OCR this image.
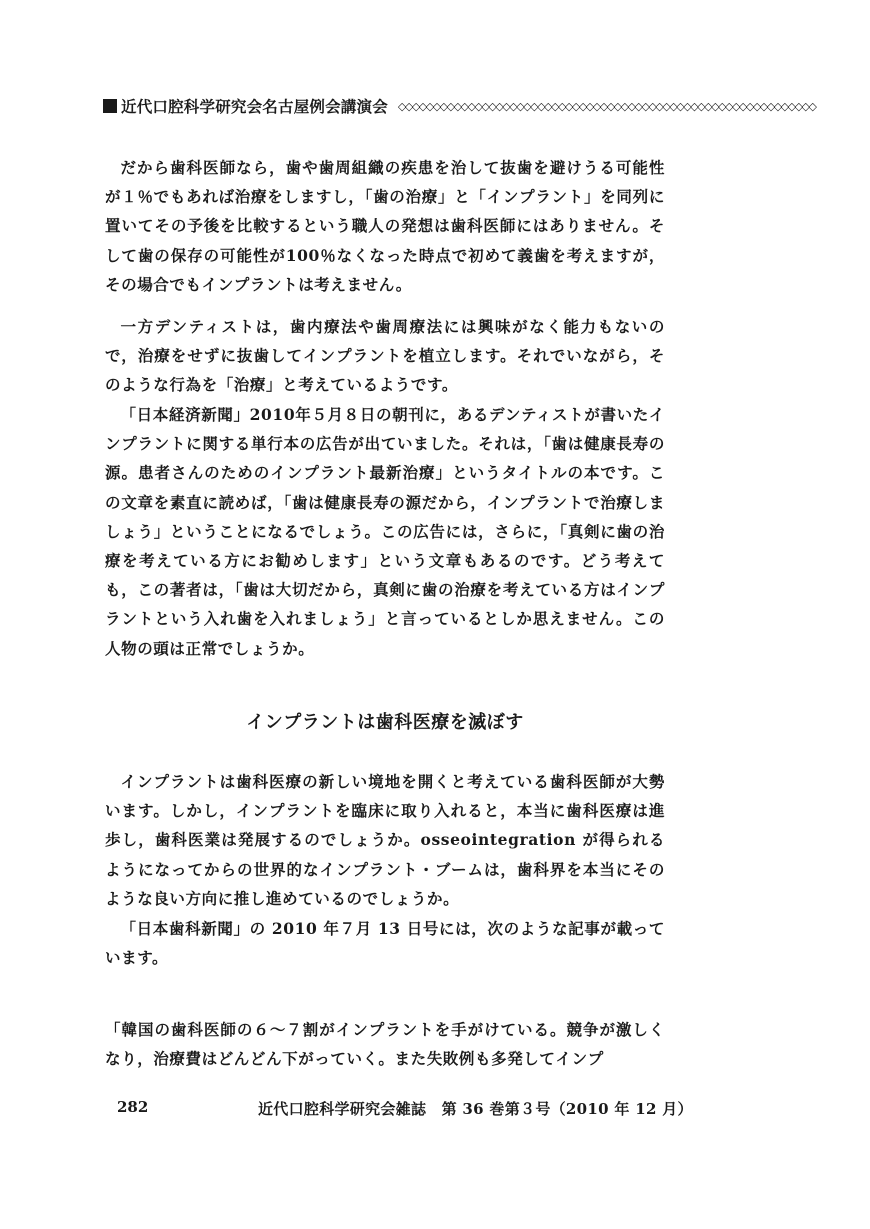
近代口腔科学研究会名古屋例会講演会 ◇◇◇◇◇◇◇◇◇◇◇◇◇◇◇◇◇◇◇◇◇◇◇◇◇◇◇◇◇◇◇◇◇◇◇◇◇◇◇◇◇◇◇◇◇◇◇◇◇◇◇◇◇◇◇◇◇◇◇◇

だから歯科医師なら，歯や歯周組織の疾患を治して抜歯を避けうる可能性が１％でもあれば治療をしますし，「歯の治療」と「インプラント」を同列に置いてその予後を比較するという職人の発想は歯科医師にはありません。そして歯の保存の可能性が100％なくなった時点で初めて義歯を考えますが，その場合でもインプラントは考えません。

一方デンティストは，歯内療法や歯周療法には興味がなく能力もないので，治療をせずに抜歯してインプラントを植立します。それでいながら，そのような行為を「治療」と考えているようです。

「日本経済新聞」2010年５月８日の朝刊に，あるデンティストが書いたインプラントに関する単行本の広告が出ていました。それは，「歯は健康長寿の源。患者さんのためのインプラント最新治療」というタイトルの本です。この文章を素直に読めば，「歯は健康長寿の源だから，インプラントで治療しましょう」ということになるでしょう。この広告には，さらに，「真剣に歯の治療を考えている方にお勧めします」という文章もあるのです。どう考えても，この著者は，「歯は大切だから，真剣に歯の治療を考えている方はインプラントという入れ歯を入れましょう」と言っているとしか思えません。この人物の頭は正常でしょうか。

インプラントは歯科医療を滅ぼす

インプラントは歯科医療の新しい境地を開くと考えている歯科医師が大勢います。しかし，インプラントを臨床に取り入れると，本当に歯科医療は進歩し，歯科医業は発展するのでしょうか。osseointegration が得られるようになってからの世界的なインプラント・ブームは，歯科界を本当にそのような良い方向に推し進めているのでしょうか。

「日本歯科新聞」の 2010 年７月 13 日号には，次のような記事が載っています。

「韓国の歯科医師の６～７割がインプラントを手がけている。競争が激しくなり，治療費はどんどん下がっていく。また失敗例も多発してインプ

282	近代口腔科学研究会雑誌　第 36 巻第３号（2010 年 12 月）
